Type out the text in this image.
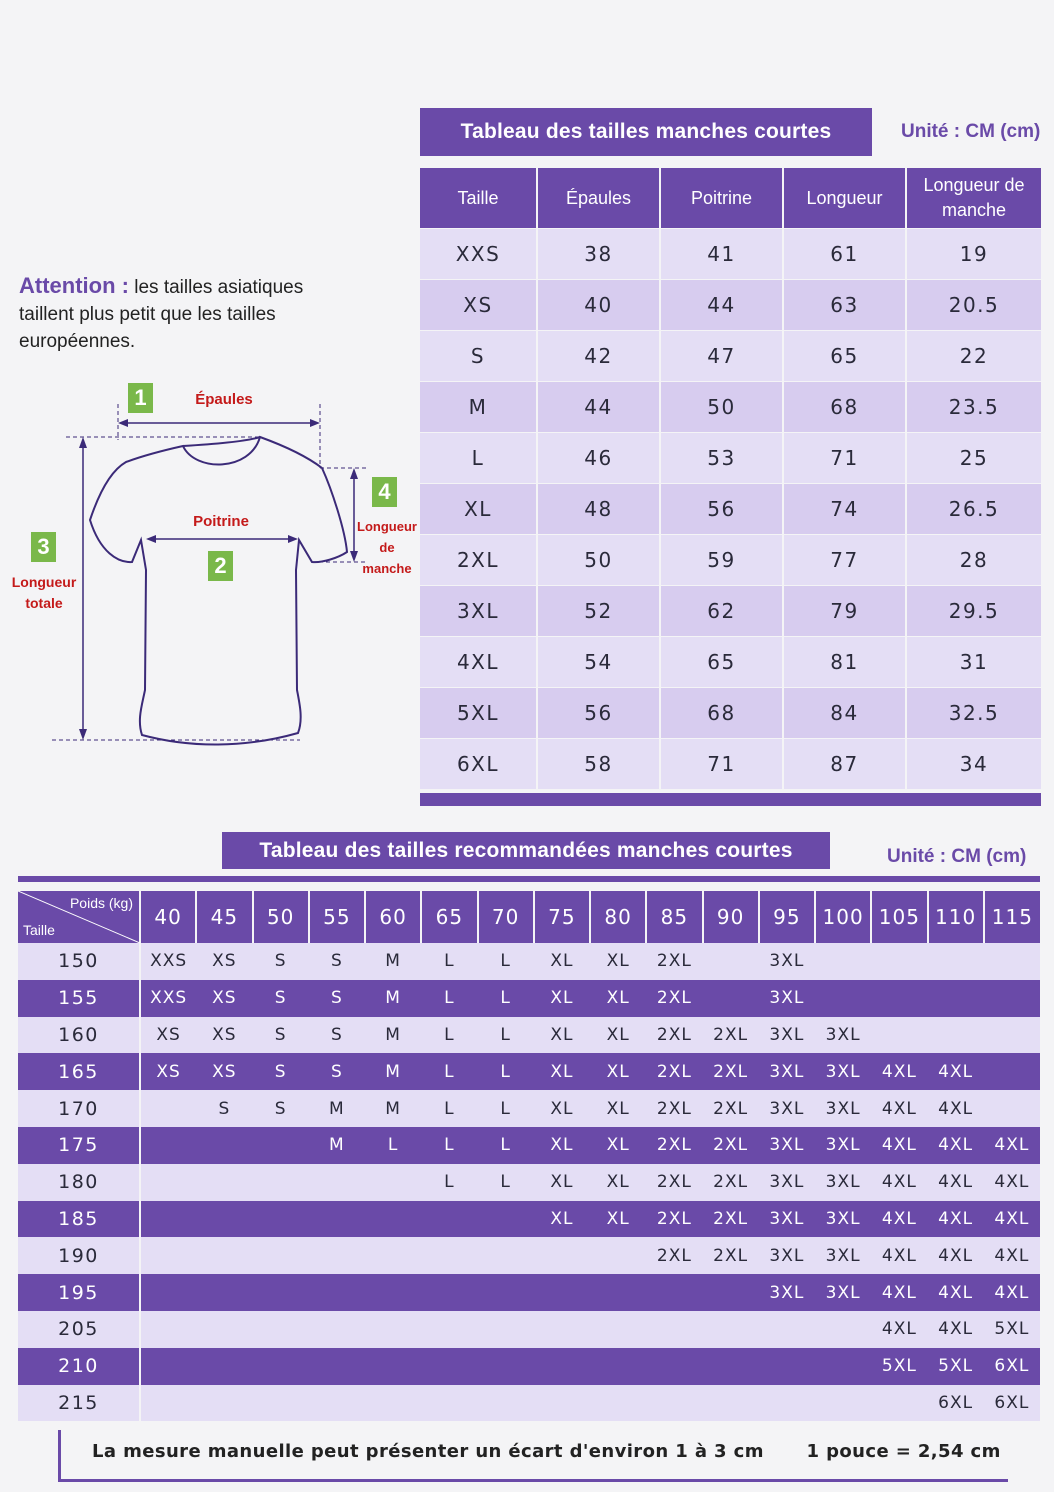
Tableau des tailles manches courtes	Unité : CM (cm)
Taille	Épaules	Poitrine	Longueur	Longueur de manche
XXS	38	41	61	19
XS	40	44	63	20.5
S	42	47	65	22
M	44	50	68	23.5
L	46	53	71	25
XL	48	56	74	26.5
2XL	50	59	77	28
3XL	52	62	79	29.5
4XL	54	65	81	31
5XL	56	68	84	32.5
6XL	58	71	87	34
Attention : les tailles asiatiques taillent plus petit que les tailles européennes.
1	Épaules
2
Poitrine
3
Longueur
totale
4
Longueur
de manche
Tableau des tailles recommandées manches courtes	Unité : CM (cm)
Poids (kg)
Taille	40	45	50	55	60	65	70	75	80	85	90	95	100	105	110	115
150	XXS	XS	S	S	M	L	L	XL	XL	2XL		3XL				
155	XXS	XS	S	S	M	L	L	XL	XL	2XL		3XL				
160	XS	XS	S	S	M	L	L	XL	XL	2XL	2XL	3XL	3XL			
165	XS	XS	S	S	M	L	L	XL	XL	2XL	2XL	3XL	3XL	4XL	4XL	
170		S	S	M	M	L	L	XL	XL	2XL	2XL	3XL	3XL	4XL	4XL	
175				M	L	L	L	XL	XL	2XL	2XL	3XL	3XL	4XL	4XL	4XL
180						L	L	XL	XL	2XL	2XL	3XL	3XL	4XL	4XL	4XL
185								XL	XL	2XL	2XL	3XL	3XL	4XL	4XL	4XL
190										2XL	2XL	3XL	3XL	4XL	4XL	4XL
195												3XL	3XL	4XL	4XL	4XL
205														4XL	4XL	5XL
210														5XL	5XL	6XL
215															6XL	6XL
La mesure manuelle peut présenter un écart d'environ 1 à 3 cm 1 pouce = 2,54 cm
